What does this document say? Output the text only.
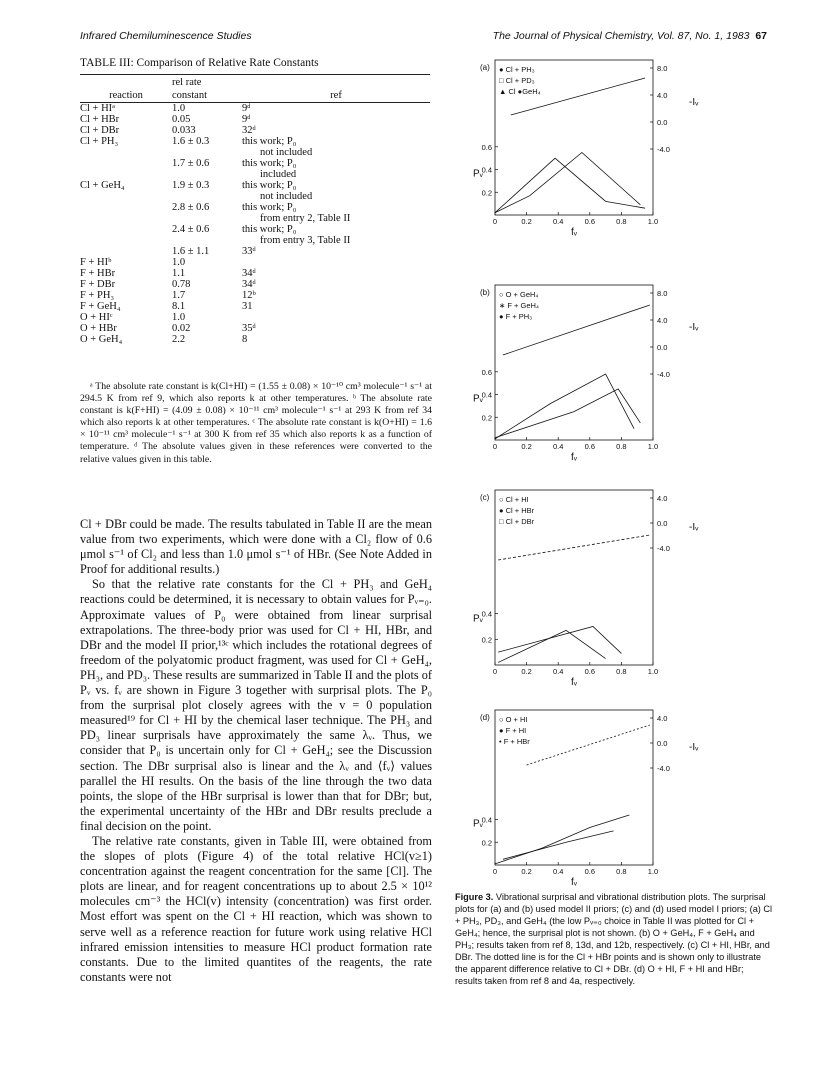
Infrared Chemiluminescence Studies	The Journal of Physical Chemistry, Vol. 87, No. 1, 1983 67
TABLE III: Comparison of Relative Rate Constants
	rel rate	
reaction	constant	ref
Cl + HIᵃ	1.0	9ᵈ
Cl + HBr	0.05	9ᵈ
Cl + DBr	0.033	32ᵈ
Cl + PH₃	1.6 ± 0.3	this work; P₀
		not included
	1.7 ± 0.6	this work; P₀
		included
Cl + GeH₄	1.9 ± 0.3	this work; P₀
		not included
	2.8 ± 0.6	this work; P₀
		from entry 2, Table II
	2.4 ± 0.6	this work; P₀
		from entry 3, Table II
	1.6 ± 1.1	33ᵈ
F + HIᵇ	1.0	
F + HBr	1.1	34ᵈ
F + DBr	0.78	34ᵈ
F + PH₃	1.7	12ᵇ
F + GeH₄	8.1	31
O + HIᶜ	1.0	
O + HBr	0.02	35ᵈ
O + GeH₄	2.2	8

ᵃ The absolute rate constant is k(Cl+HI) = (1.55 ± 0.08) × 10⁻¹⁰ cm³ molecule⁻¹ s⁻¹ at 294.5 K from ref 9, which also reports k at other temperatures. ᵇ The absolute rate constant is k(F+HI) = (4.09 ± 0.08) × 10⁻¹¹ cm³ molecule⁻¹ s⁻¹ at 293 K from ref 34 which also reports k at other temperatures. ᶜ The absolute rate constant is k(O+HI) = 1.6 × 10⁻¹¹ cm³ molecule⁻¹ s⁻¹ at 300 K from ref 35 which also reports k as a function of temperature. ᵈ The absolute values given in these references were converted to the relative values given in this table.

Cl + DBr could be made. The results tabulated in Table II are the mean value from two experiments, which were done with a Cl₂ flow of 0.6 μmol s⁻¹ of Cl₂ and less than 1.0 μmol s⁻¹ of HBr. (See Note Added in Proof for additional results.)

So that the relative rate constants for the Cl + PH₃ and GeH₄ reactions could be determined, it is necessary to obtain values for Pᵥ₌₀. Approximate values of P₀ were obtained from linear surprisal extrapolations. The three-body prior was used for Cl + HI, HBr, and DBr and the model II prior,¹³ᶜ which includes the rotational degrees of freedom of the polyatomic product fragment, was used for Cl + GeH₄, PH₃, and PD₃. These results are summarized in Table II and the plots of Pᵥ vs. fᵥ are shown in Figure 3 together with surprisal plots. The P₀ from the surprisal plot closely agrees with the v = 0 population measured¹⁹ for Cl + HI by the chemical laser technique. The PH₃ and PD₃ linear surprisals have approximately the same λᵥ. Thus, we consider that P₀ is uncertain only for Cl + GeH₄; see the Discussion section. The DBr surprisal also is linear and the λᵥ and ⟨fᵥ⟩ values parallel the HI results. On the basis of the line through the two data points, the slope of the HBr surprisal is lower than that for DBr; but, the experimental uncertainty of the HBr and DBr results preclude a final decision on the point.

The relative rate constants, given in Table III, were obtained from the slopes of plots (Figure 4) of the total relative HCl(v≥1) concentration against the reagent concentration for the same [Cl]. The plots are linear, and for reagent concentrations up to about 2.5 × 10¹² molecules cm⁻³ the HCl(v) intensity (concentration) was first order. Most effort was spent on the Cl + HI reaction, which was shown to serve well as a reference reaction for future work using relative HCl infrared emission intensities to measure HCl product formation rate constants. Due to the limited quantites of the reagents, the rate constants were not

(a) ● Cl + PH₃
□ Cl + PD₃
▲ Cl ●GeH₄
0	0.2	0.4	0.6	0.8	1.0
fᵥ
0.6
0.4
0.2
Pᵥ
8.0
4.0
0.0
-4.0
-Iᵥ
(b) ○ O + GeH₄
∗ F + GeH₄
● F + PH₃
0	0.2	0.4	0.6	0.8	1.0
fᵥ
0.6
0.4
0.2
Pᵥ
8.0
4.0
0.0
-4.0
-Iᵥ
(c) ○ Cl + HI
● Cl + HBr
□ Cl + DBr
0	0.2	0.4	0.6	0.8	1.0
fᵥ
0.4
0.2
Pᵥ
4.0
0.0
-4.0
-Iᵥ
(d) ○ O + HI
● F + HI
• F + HBr
0	0.2	0.4	0.6	0.8	1.0
fᵥ
0.4
0.2
Pᵥ
4.0
0.0
-4.0
-Iᵥ
Figure 3. Vibrational surprisal and vibrational distribution plots. The surprisal plots for (a) and (b) used model II priors; (c) and (d) used model I priors; (a) Cl + PH₃, PD₃, and GeH₄ (the low Pᵥ₌₀ choice in Table II was plotted for Cl + GeH₄; hence, the surprisal plot is not shown. (b) O + GeH₄, F + GeH₄ and PH₃; results taken from ref 8, 13d, and 12b, respectively. (c) Cl + HI, HBr, and DBr. The dotted line is for the Cl + HBr points and is shown only to illustrate the apparent difference relative to Cl + DBr. (d) O + HI, F + HI and HBr; results taken from ref 8 and 4a, respectively.
